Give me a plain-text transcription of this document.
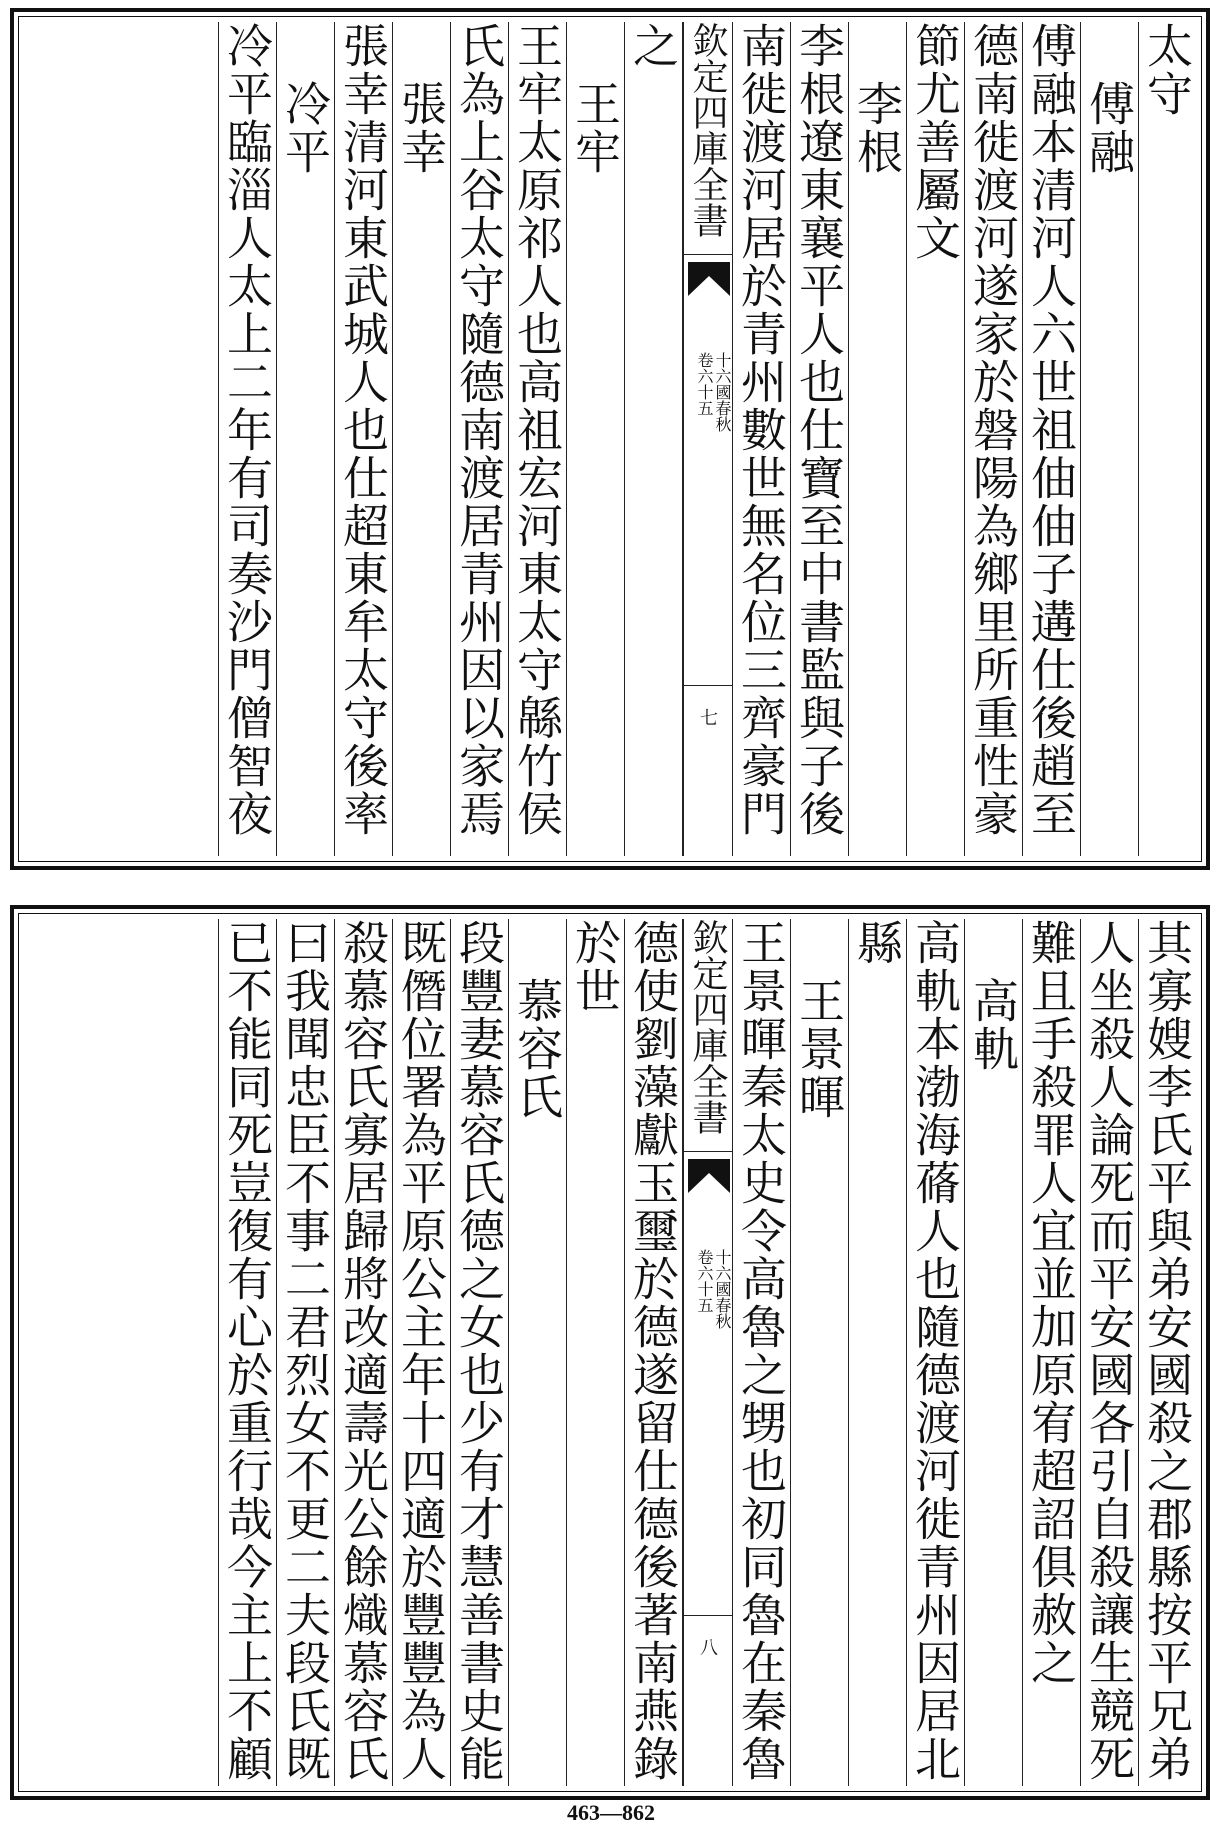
太守
傅融
傅融本清河人六世祖伷伷子遘仕後趙至
德南徙渡河遂家於磐陽為鄉里所重性豪
節尤善屬文
李根
李根遼東襄平人也仕寶至中書監與子後
南徙渡河居於青州數世無名位三齊豪門
欽定四庫全書
十六國春秋
卷六十五
七
之
王牢
王牢太原祁人也高祖宏河東太守緜竹侯
氏為上谷太守隨德南渡居青州因以家焉
張幸
張幸清河東武城人也仕超東牟太守後率
冷平
冷平臨淄人太上二年有司奏沙門僧智夜
其寡嫂李氏平與弟安國殺之郡縣按平兄弟
人坐殺人論死而平安國各引自殺讓生競死
難且手殺罪人宜並加原宥超詔俱赦之
高軌
高軌本渤海蓨人也隨德渡河徙青州因居北
縣
王景暉
王景暉秦太史令高魯之甥也初同魯在秦魯
欽定四庫全書
十六國春秋
卷六十五
八
德使劉藻獻玉璽於德遂留仕德後著南燕錄
於世
慕容氏
段豐妻慕容氏德之女也少有才慧善書史能
既僭位署為平原公主年十四適於豐豐為人
殺慕容氏寡居歸將改適壽光公餘熾慕容氏
曰我聞忠臣不事二君烈女不更二夫段氏既
已不能同死豈復有心於重行哉今主上不顧
463—862
